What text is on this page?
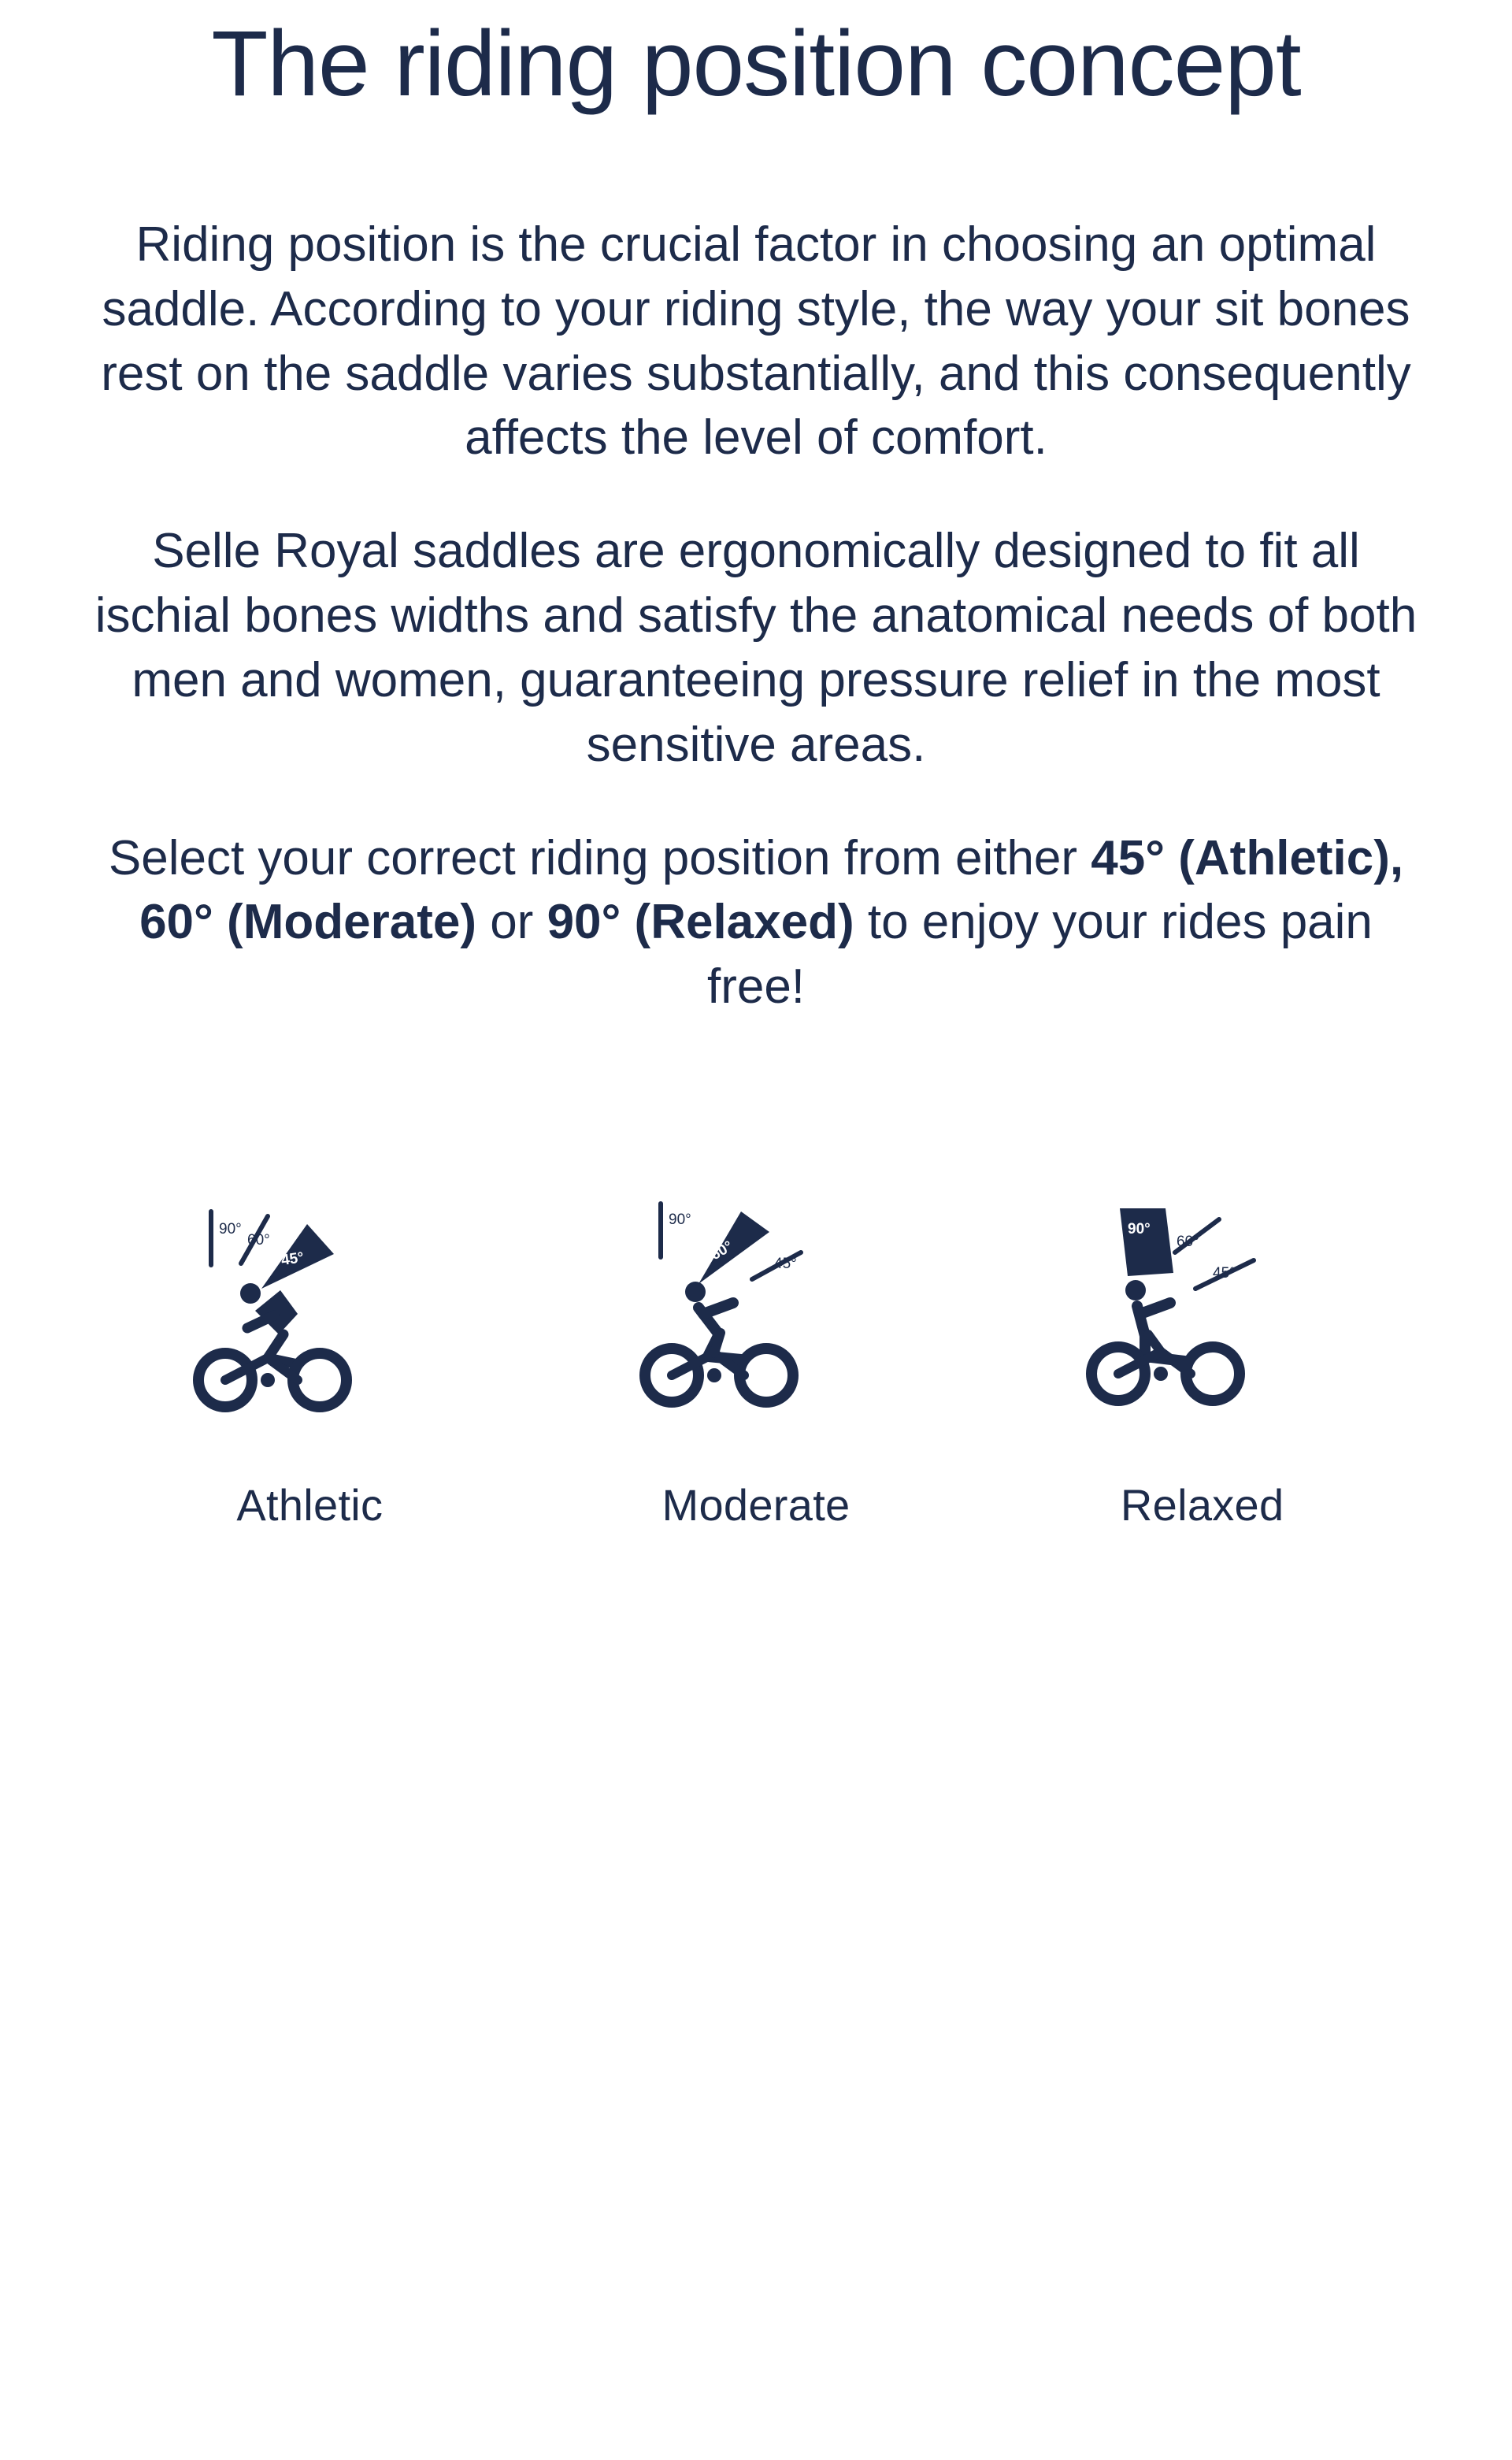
The riding position concept

Riding position is the crucial factor in choosing an optimal saddle. According to your riding style, the way your sit bones rest on the saddle varies substantially, and this consequently affects the level of comfort.

Selle Royal saddles are ergonomically designed to fit all ischial bones widths and satisfy the anatomical needs of both men and women, guaranteeing pressure relief in the most sensitive areas.

Select your correct riding position from either 45° (Athletic), 60° (Moderate) or 90° (Relaxed) to enjoy your rides pain free!

90°
60°
45°
Athletic
90°
45°
60°
Moderate
90°
60°
45°
Relaxed
